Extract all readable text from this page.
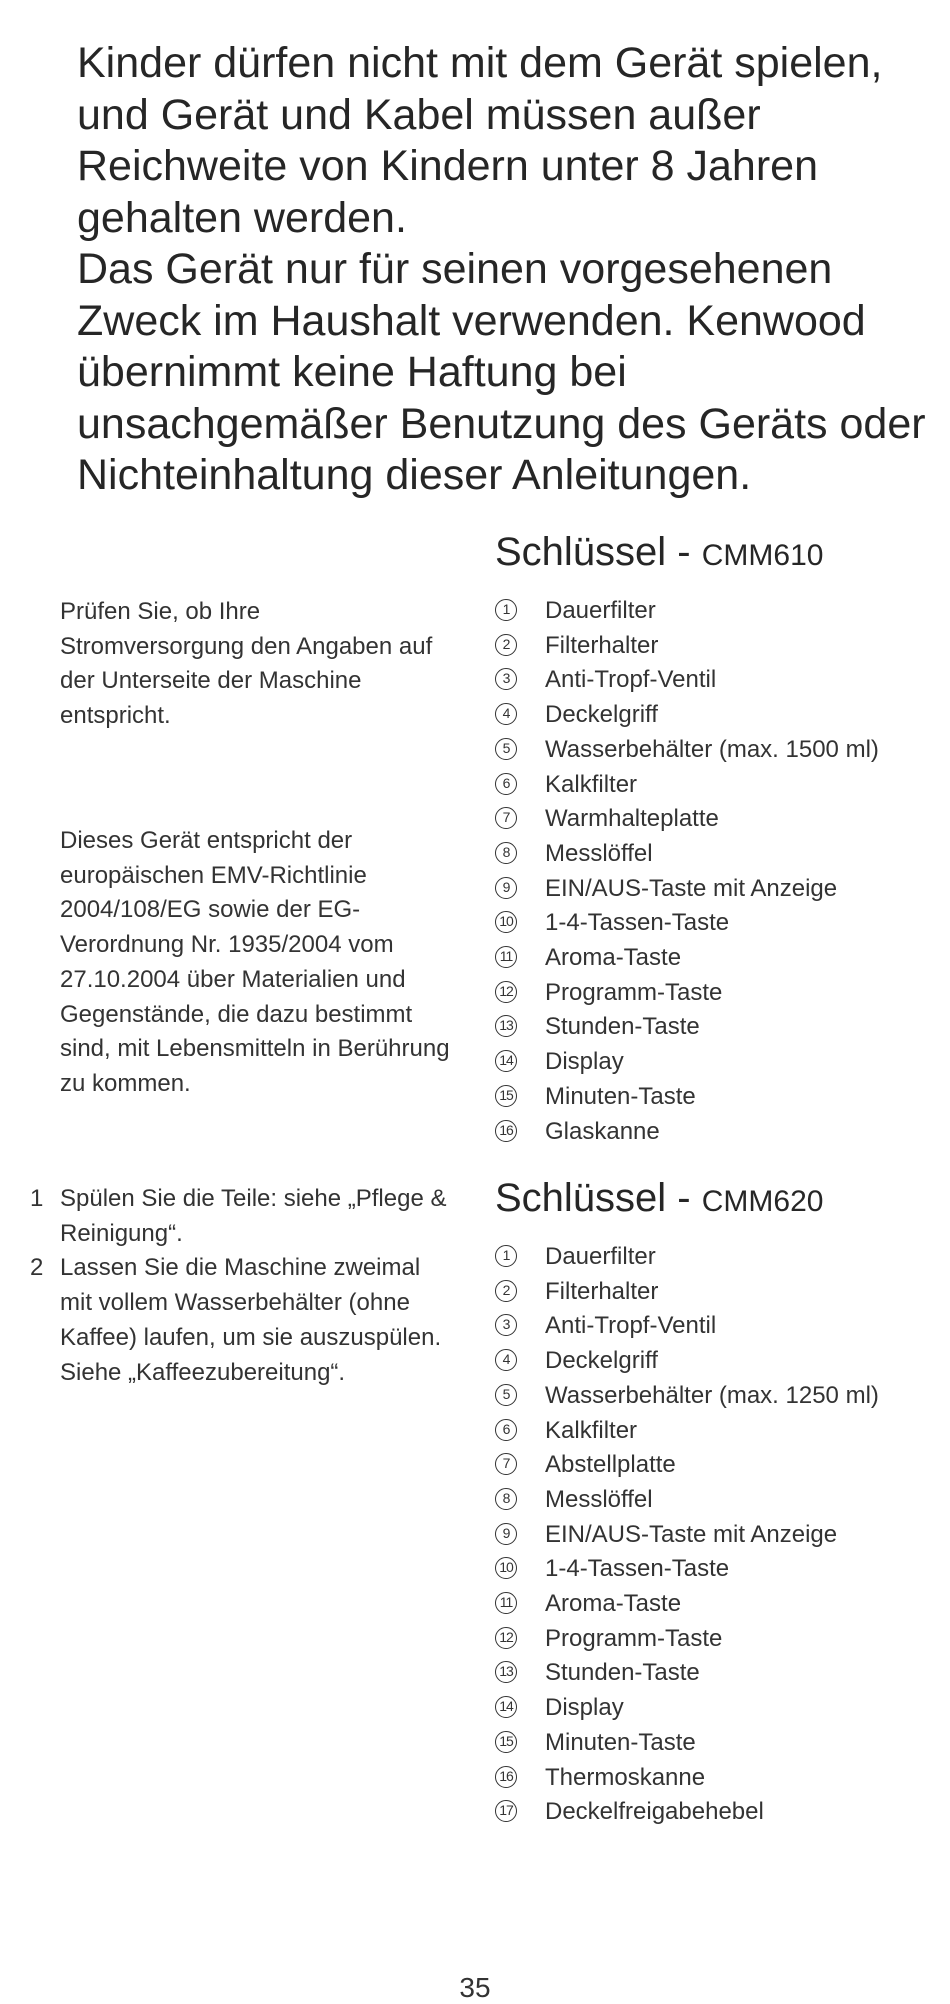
Kinder dürfen nicht mit dem Gerät spielen, und Gerät und Kabel müssen außer Reichweite von Kindern unter 8 Jahren gehalten werden.

Das Gerät nur für seinen vorgesehenen Zweck im Haushalt verwenden. Kenwood übernimmt keine Haftung bei unsachgemäßer Benutzung des Geräts oder Nichteinhaltung dieser Anleitungen.

Prüfen Sie, ob Ihre Stromversorgung den Angaben auf der Unterseite der Maschine entspricht.

Dieses Gerät entspricht der europäischen EMV-Richtlinie 2004/108/EG sowie der EG-Verordnung Nr. 1935/2004 vom 27.10.2004 über Materialien und Gegenstände, die dazu bestimmt sind, mit Lebensmitteln in Berührung zu kommen.

1 Spülen Sie die Teile: siehe „Pflege & Reinigung“.
2 Lassen Sie die Maschine zweimal mit vollem Wasserbehälter (ohne Kaffee) laufen, um sie auszuspülen. Siehe „Kaffeezubereitung“.
Schlüssel - CMM610
1	Dauerfilter
2	Filterhalter
3	Anti-Tropf-Ventil
4	Deckelgriff
5	Wasserbehälter (max. 1500 ml)
6	Kalkfilter
7	Warmhalteplatte
8	Messlöffel
9	EIN/AUS-Taste mit Anzeige
10 1-4-Tassen-Taste
11 Aroma-Taste
12 Programm-Taste
13 Stunden-Taste
14 Display
15 Minuten-Taste
16 Glaskanne
Schlüssel - CMM620
1	Dauerfilter
2	Filterhalter
3	Anti-Tropf-Ventil
4	Deckelgriff
5	Wasserbehälter (max. 1250 ml)
6	Kalkfilter
7	Abstellplatte
8	Messlöffel
9	EIN/AUS-Taste mit Anzeige
10 1-4-Tassen-Taste
11 Aroma-Taste
12 Programm-Taste
13 Stunden-Taste
14 Display
15 Minuten-Taste
16 Thermoskanne
17 Deckelfreigabehebel
35
